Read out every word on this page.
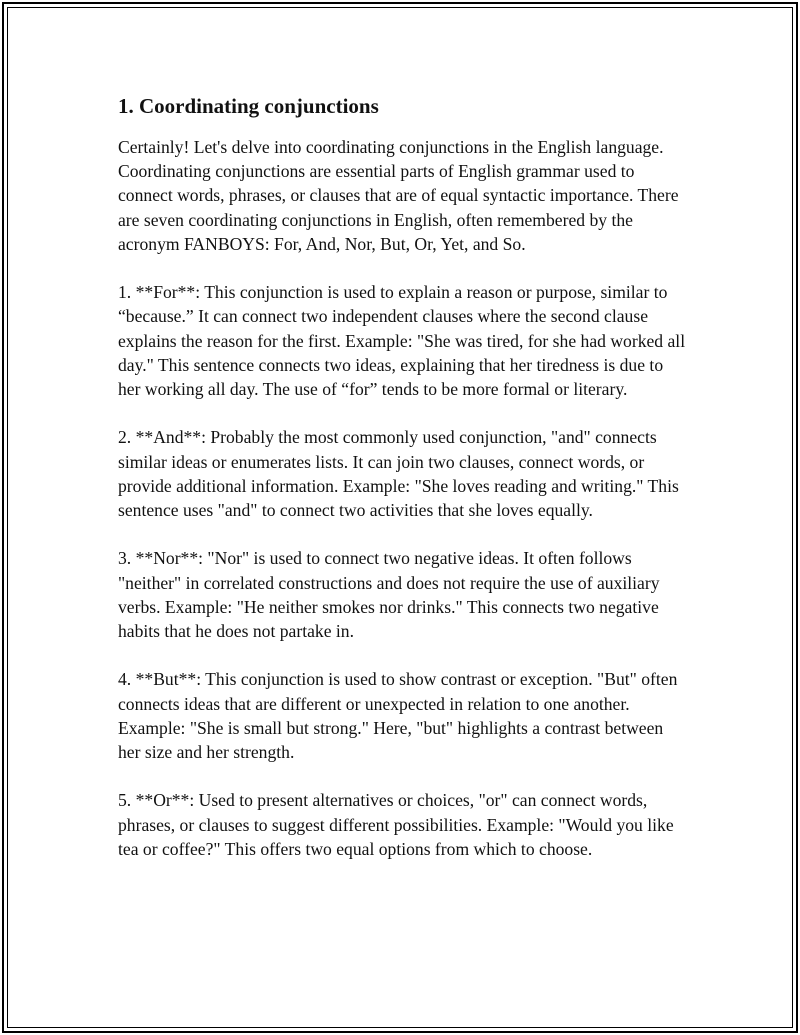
1. Coordinating conjunctions

Certainly! Let's delve into coordinating conjunctions in the English language. Coordinating conjunctions are essential parts of English grammar used to connect words, phrases, or clauses that are of equal syntactic importance. There are seven coordinating conjunctions in English, often remembered by the acronym FANBOYS: For, And, Nor, But, Or, Yet, and So.

1. **For**: This conjunction is used to explain a reason or purpose, similar to “because.” It can connect two independent clauses where the second clause explains the reason for the first. Example: "She was tired, for she had worked all day." This sentence connects two ideas, explaining that her tiredness is due to her working all day. The use of “for” tends to be more formal or literary.

2. **And**: Probably the most commonly used conjunction, "and" connects similar ideas or enumerates lists. It can join two clauses, connect words, or provide additional information. Example: "She loves reading and writing." This sentence uses "and" to connect two activities that she loves equally.

3. **Nor**: "Nor" is used to connect two negative ideas. It often follows "neither" in correlated constructions and does not require the use of auxiliary verbs. Example: "He neither smokes nor drinks." This connects two negative habits that he does not partake in.

4. **But**: This conjunction is used to show contrast or exception. "But" often connects ideas that are different or unexpected in relation to one another. Example: "She is small but strong." Here, "but" highlights a contrast between her size and her strength.

5. **Or**: Used to present alternatives or choices, "or" can connect words, phrases, or clauses to suggest different possibilities. Example: "Would you like tea or coffee?" This offers two equal options from which to choose.
